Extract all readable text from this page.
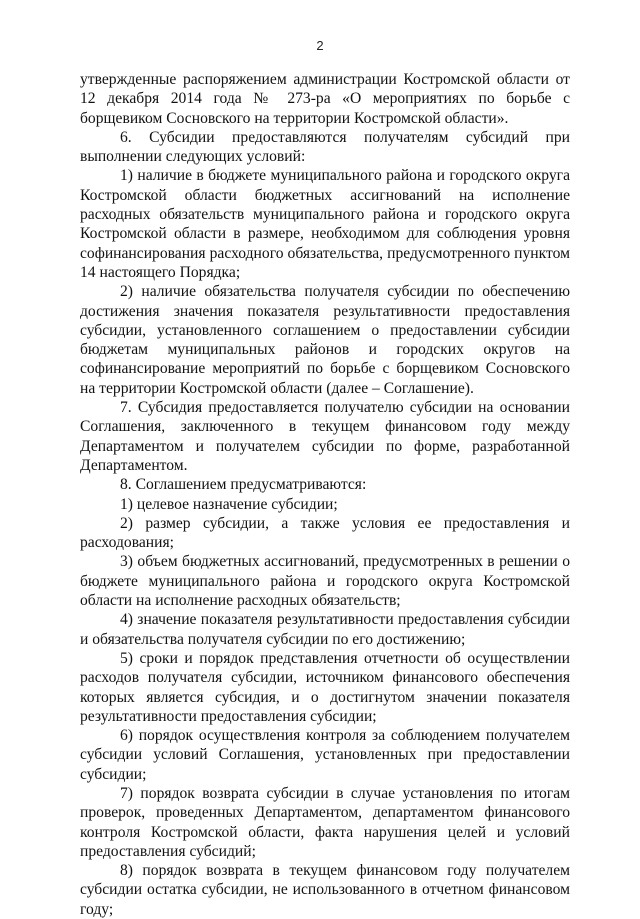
2

утвержденные распоряжением администрации Костромской области от 12 декабря 2014 года № 273-ра «О мероприятиях по борьбе с борщевиком Сосновского на территории Костромской области».

6. Субсидии предоставляются получателям субсидий при выполнении следующих условий:

1) наличие в бюджете муниципального района и городского округа Костромской области бюджетных ассигнований на исполнение расходных обязательств муниципального района и городского округа Костромской области в размере, необходимом для соблюдения уровня софинансирования расходного обязательства, предусмотренного пунктом 14 настоящего Порядка;

2) наличие обязательства получателя субсидии по обеспечению достижения значения показателя результативности предоставления субсидии, установленного соглашением о предоставлении субсидии бюджетам муниципальных районов и городских округов на софинансирование мероприятий по борьбе с борщевиком Сосновского на территории Костромской области (далее – Соглашение).

7. Субсидия предоставляется получателю субсидии на основании Соглашения, заключенного в текущем финансовом году между Департаментом и получателем субсидии по форме, разработанной Департаментом.

8. Соглашением предусматриваются:

1) целевое назначение субсидии;

2) размер субсидии, а также условия ее предоставления и расходования;

3) объем бюджетных ассигнований, предусмотренных в решении о бюджете муниципального района и городского округа Костромской области на исполнение расходных обязательств;

4) значение показателя результативности предоставления субсидии и обязательства получателя субсидии по его достижению;

5) сроки и порядок представления отчетности об осуществлении расходов получателя субсидии, источником финансового обеспечения которых является субсидия, и о достигнутом значении показателя результативности предоставления субсидии;

6) порядок осуществления контроля за соблюдением получателем субсидии условий Соглашения, установленных при предоставлении субсидии;

7) порядок возврата субсидии в случае установления по итогам проверок, проведенных Департаментом, департаментом финансового контроля Костромской области, факта нарушения целей и условий предоставления субсидий;

8) порядок возврата в текущем финансовом году получателем субсидии остатка субсидии, не использованного в отчетном финансовом году;
